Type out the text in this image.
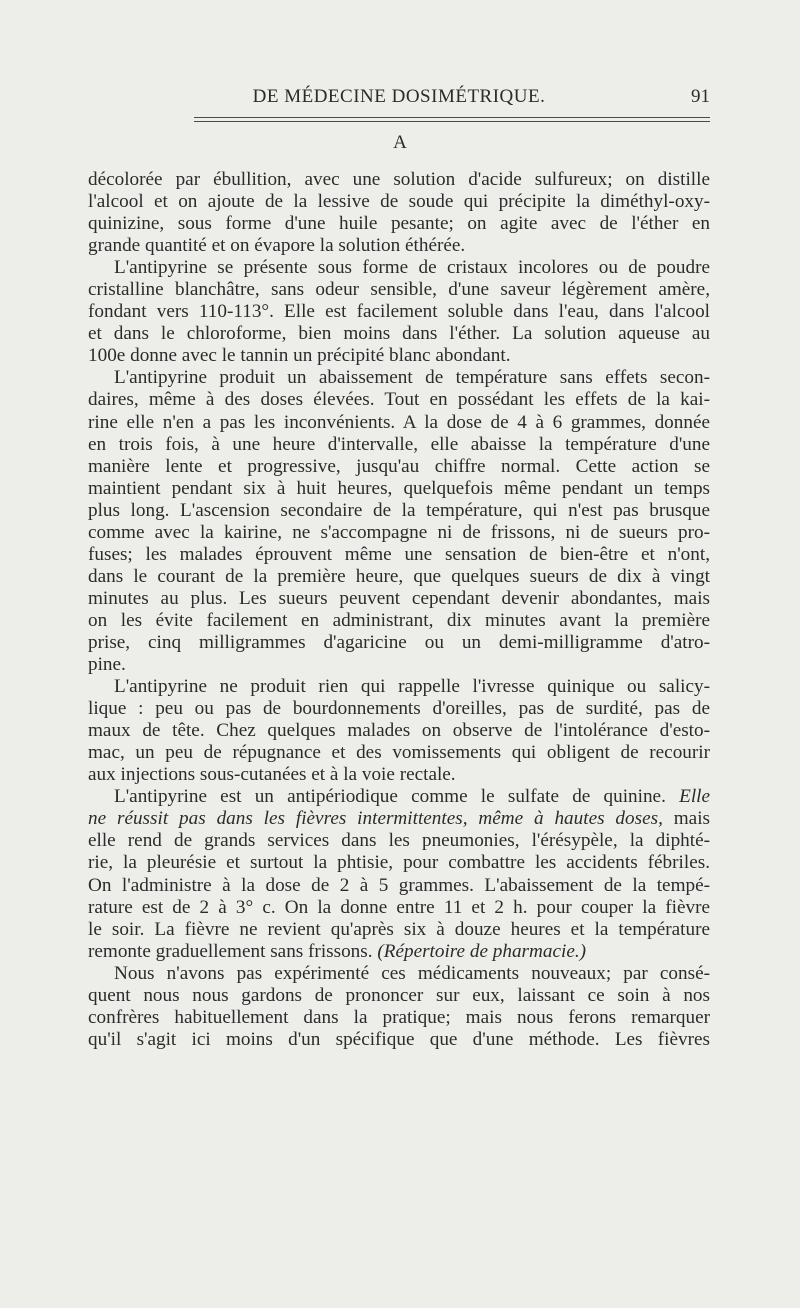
DE MÉDECINE DOSIMÉTRIQUE.	91
A
décolorée par ébullition, avec une solution d'acide sulfureux; on distille
l'alcool et on ajoute de la lessive de soude qui précipite la diméthyl-oxy-
quinizine, sous forme d'une huile pesante; on agite avec de l'éther en
grande quantité et on évapore la solution éthérée.
L'antipyrine se présente sous forme de cristaux incolores ou de poudre
cristalline blanchâtre, sans odeur sensible, d'une saveur légèrement amère,
fondant vers 110-113°. Elle est facilement soluble dans l'eau, dans l'alcool
et dans le chloroforme, bien moins dans l'éther. La solution aqueuse au
100e donne avec le tannin un précipité blanc abondant.
L'antipyrine produit un abaissement de température sans effets secon-
daires, même à des doses élevées. Tout en possédant les effets de la kai-
rine elle n'en a pas les inconvénients. A la dose de 4 à 6 grammes, donnée
en trois fois, à une heure d'intervalle, elle abaisse la température d'une
manière lente et progressive, jusqu'au chiffre normal. Cette action se
maintient pendant six à huit heures, quelquefois même pendant un temps
plus long. L'ascension secondaire de la température, qui n'est pas brusque
comme avec la kairine, ne s'accompagne ni de frissons, ni de sueurs pro-
fuses; les malades éprouvent même une sensation de bien-être et n'ont,
dans le courant de la première heure, que quelques sueurs de dix à vingt
minutes au plus. Les sueurs peuvent cependant devenir abondantes, mais
on les évite facilement en administrant, dix minutes avant la première
prise, cinq milligrammes d'agaricine ou un demi-milligramme d'atro-
pine.
L'antipyrine ne produit rien qui rappelle l'ivresse quinique ou salicy-
lique : peu ou pas de bourdonnements d'oreilles, pas de surdité, pas de
maux de tête. Chez quelques malades on observe de l'intolérance d'esto-
mac, un peu de répugnance et des vomissements qui obligent de recourir
aux injections sous-cutanées et à la voie rectale.
L'antipyrine est un antipériodique comme le sulfate de quinine. Elle
ne réussit pas dans les fièvres intermittentes, même à hautes doses, mais
elle rend de grands services dans les pneumonies, l'érésypèle, la diphté-
rie, la pleurésie et surtout la phtisie, pour combattre les accidents fébriles.
On l'administre à la dose de 2 à 5 grammes. L'abaissement de la tempé-
rature est de 2 à 3° c. On la donne entre 11 et 2 h. pour couper la fièvre
le soir. La fièvre ne revient qu'après six à douze heures et la température
remonte graduellement sans frissons. (Répertoire de pharmacie.)
Nous n'avons pas expérimenté ces médicaments nouveaux; par consé-
quent nous nous gardons de prononcer sur eux, laissant ce soin à nos
confrères habituellement dans la pratique; mais nous ferons remarquer
qu'il s'agit ici moins d'un spécifique que d'une méthode. Les fièvres
